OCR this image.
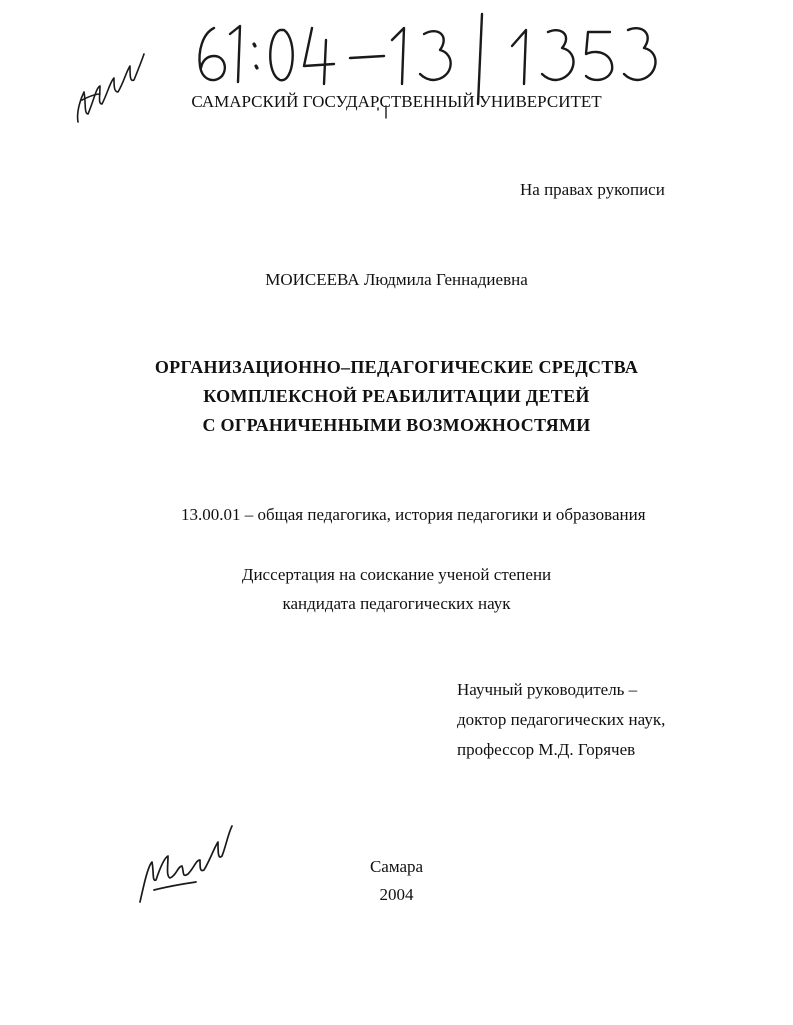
САМАРСКИЙ ГОСУДАРСТВЕННЫЙ УНИВЕРСИТЕТ
На правах рукописи
МОИСЕЕВА Людмила Геннадиевна
ОРГАНИЗАЦИОННО–ПЕДАГОГИЧЕСКИЕ СРЕДСТВА
КОМПЛЕКСНОЙ РЕАБИЛИТАЦИИ ДЕТЕЙ
С ОГРАНИЧЕННЫМИ ВОЗМОЖНОСТЯМИ
13.00.01 – общая педагогика, история педагогики и образования
Диссертация на соискание ученой степени
кандидата педагогических наук
Научный руководитель –
доктор педагогических наук,
профессор М.Д. Горячев
Самара
2004
